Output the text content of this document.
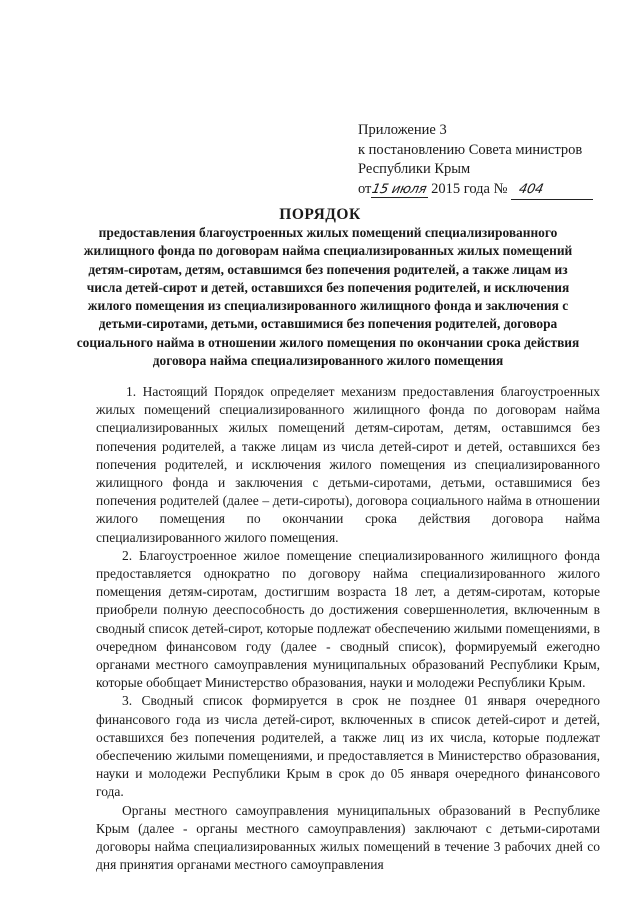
Приложение 3
к постановлению Совета министров
Республики Крым
от15 июля 2015 года № 404
ПОРЯДОК
предоставления благоустроенных жилых помещений специализированного жилищного фонда по договорам найма специализированных жилых помещений детям-сиротам, детям, оставшимся без попечения родителей, а также лицам из числа детей-сирот и детей, оставшихся без попечения родителей, и исключения жилого помещения из специализированного жилищного фонда и заключения с детьми-сиротами, детьми, оставшимися без попечения родителей, договора социального найма в отношении жилого помещения по окончании срока действия договора найма специализированного жилого помещения

1. Настоящий Порядок определяет механизм предоставления благоустроенных жилых помещений специализированного жилищного фонда по договорам найма специализированных жилых помещений детям-сиротам, детям, оставшимся без попечения родителей, а также лицам из числа детей-сирот и детей, оставшихся без попечения родителей, и исключения жилого помещения из специализированного жилищного фонда и заключения с детьми-сиротами, детьми, оставшимися без попечения родителей (далее – дети-сироты), договора социального найма в отношении жилого помещения по окончании срока действия договора найма специализированного жилого помещения.

2. Благоустроенное жилое помещение специализированного жилищного фонда предоставляется однократно по договору найма специализированного жилого помещения детям-сиротам, достигшим возраста 18 лет, а детям-сиротам, которые приобрели полную дееспособность до достижения совершеннолетия, включенным в сводный список детей-сирот, которые подлежат обеспечению жилыми помещениями, в очередном финансовом году (далее - сводный список), формируемый ежегодно органами местного самоуправления муниципальных образований Республики Крым, которые обобщает Министерство образования, науки и молодежи Республики Крым.

3. Сводный список формируется в срок не позднее 01 января очередного финансового года из числа детей-сирот, включенных в список детей-сирот и детей, оставшихся без попечения родителей, а также лиц из их числа, которые подлежат обеспечению жилыми помещениями, и предоставляется в Министерство образования, науки и молодежи Республики Крым в срок до 05 января очередного финансового года.

Органы местного самоуправления муниципальных образований в Республике Крым (далее - органы местного самоуправления) заключают с детьми-сиротами договоры найма специализированных жилых помещений в течение 3 рабочих дней со дня принятия органами местного самоуправления
